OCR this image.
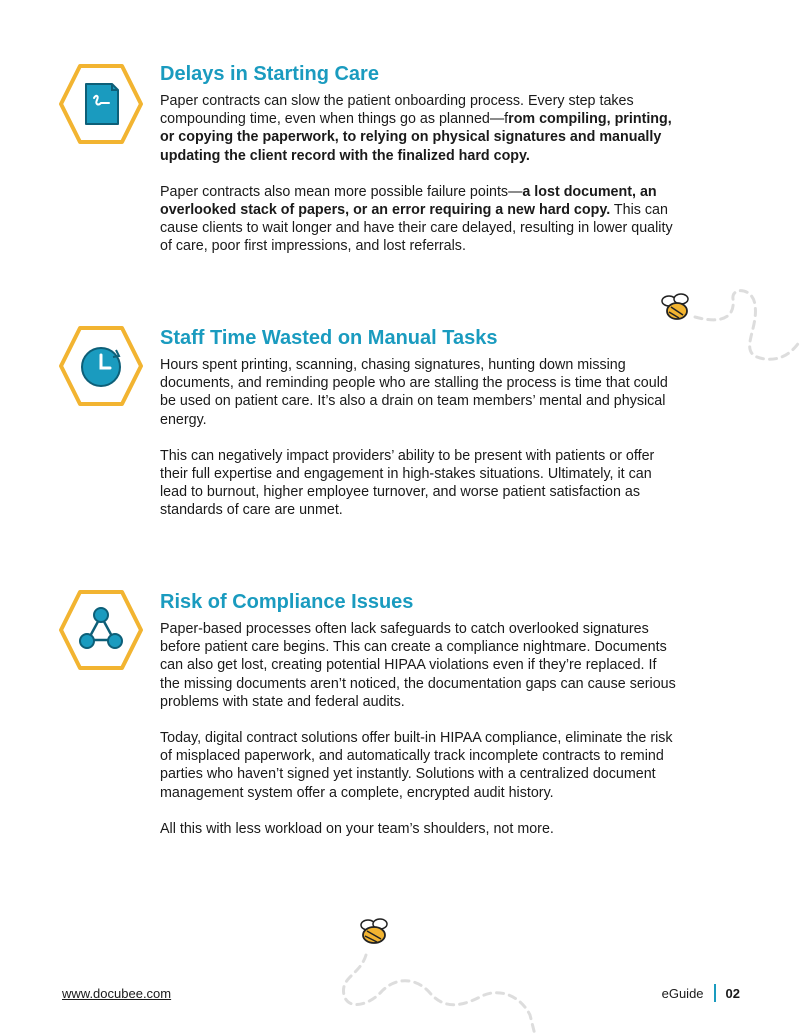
Delays in Starting Care

Paper contracts can slow the patient onboarding process. Every step takes compounding time, even when things go as planned—from compiling, printing, or copying the paperwork, to relying on physical signatures and manually updating the client record with the finalized hard copy.

Paper contracts also mean more possible failure points—a lost document, an overlooked stack of papers, or an error requiring a new hard copy. This can cause clients to wait longer and have their care delayed, resulting in lower quality of care, poor first impressions, and lost referrals.

Staff Time Wasted on Manual Tasks

Hours spent printing, scanning, chasing signatures, hunting down missing documents, and reminding people who are stalling the process is time that could be used on patient care. It’s also a drain on team members’ mental and physical energy.

This can negatively impact providers’ ability to be present with patients or offer their full expertise and engagement in high-stakes situations. Ultimately, it can lead to burnout, higher employee turnover, and worse patient satisfaction as standards of care are unmet.

Risk of Compliance Issues

Paper-based processes often lack safeguards to catch overlooked signatures before patient care begins. This can create a compliance nightmare. Documents can also get lost, creating potential HIPAA violations even if they’re replaced. If the missing documents aren’t noticed, the documentation gaps can cause serious problems with state and federal audits.

Today, digital contract solutions offer built-in HIPAA compliance, eliminate the risk of misplaced paperwork, and automatically track incomplete contracts to remind parties who haven’t signed yet instantly. Solutions with a centralized document management system offer a complete, encrypted audit history.

All this with less workload on your team’s shoulders, not more.

www.docubee.com	eGuide 02
